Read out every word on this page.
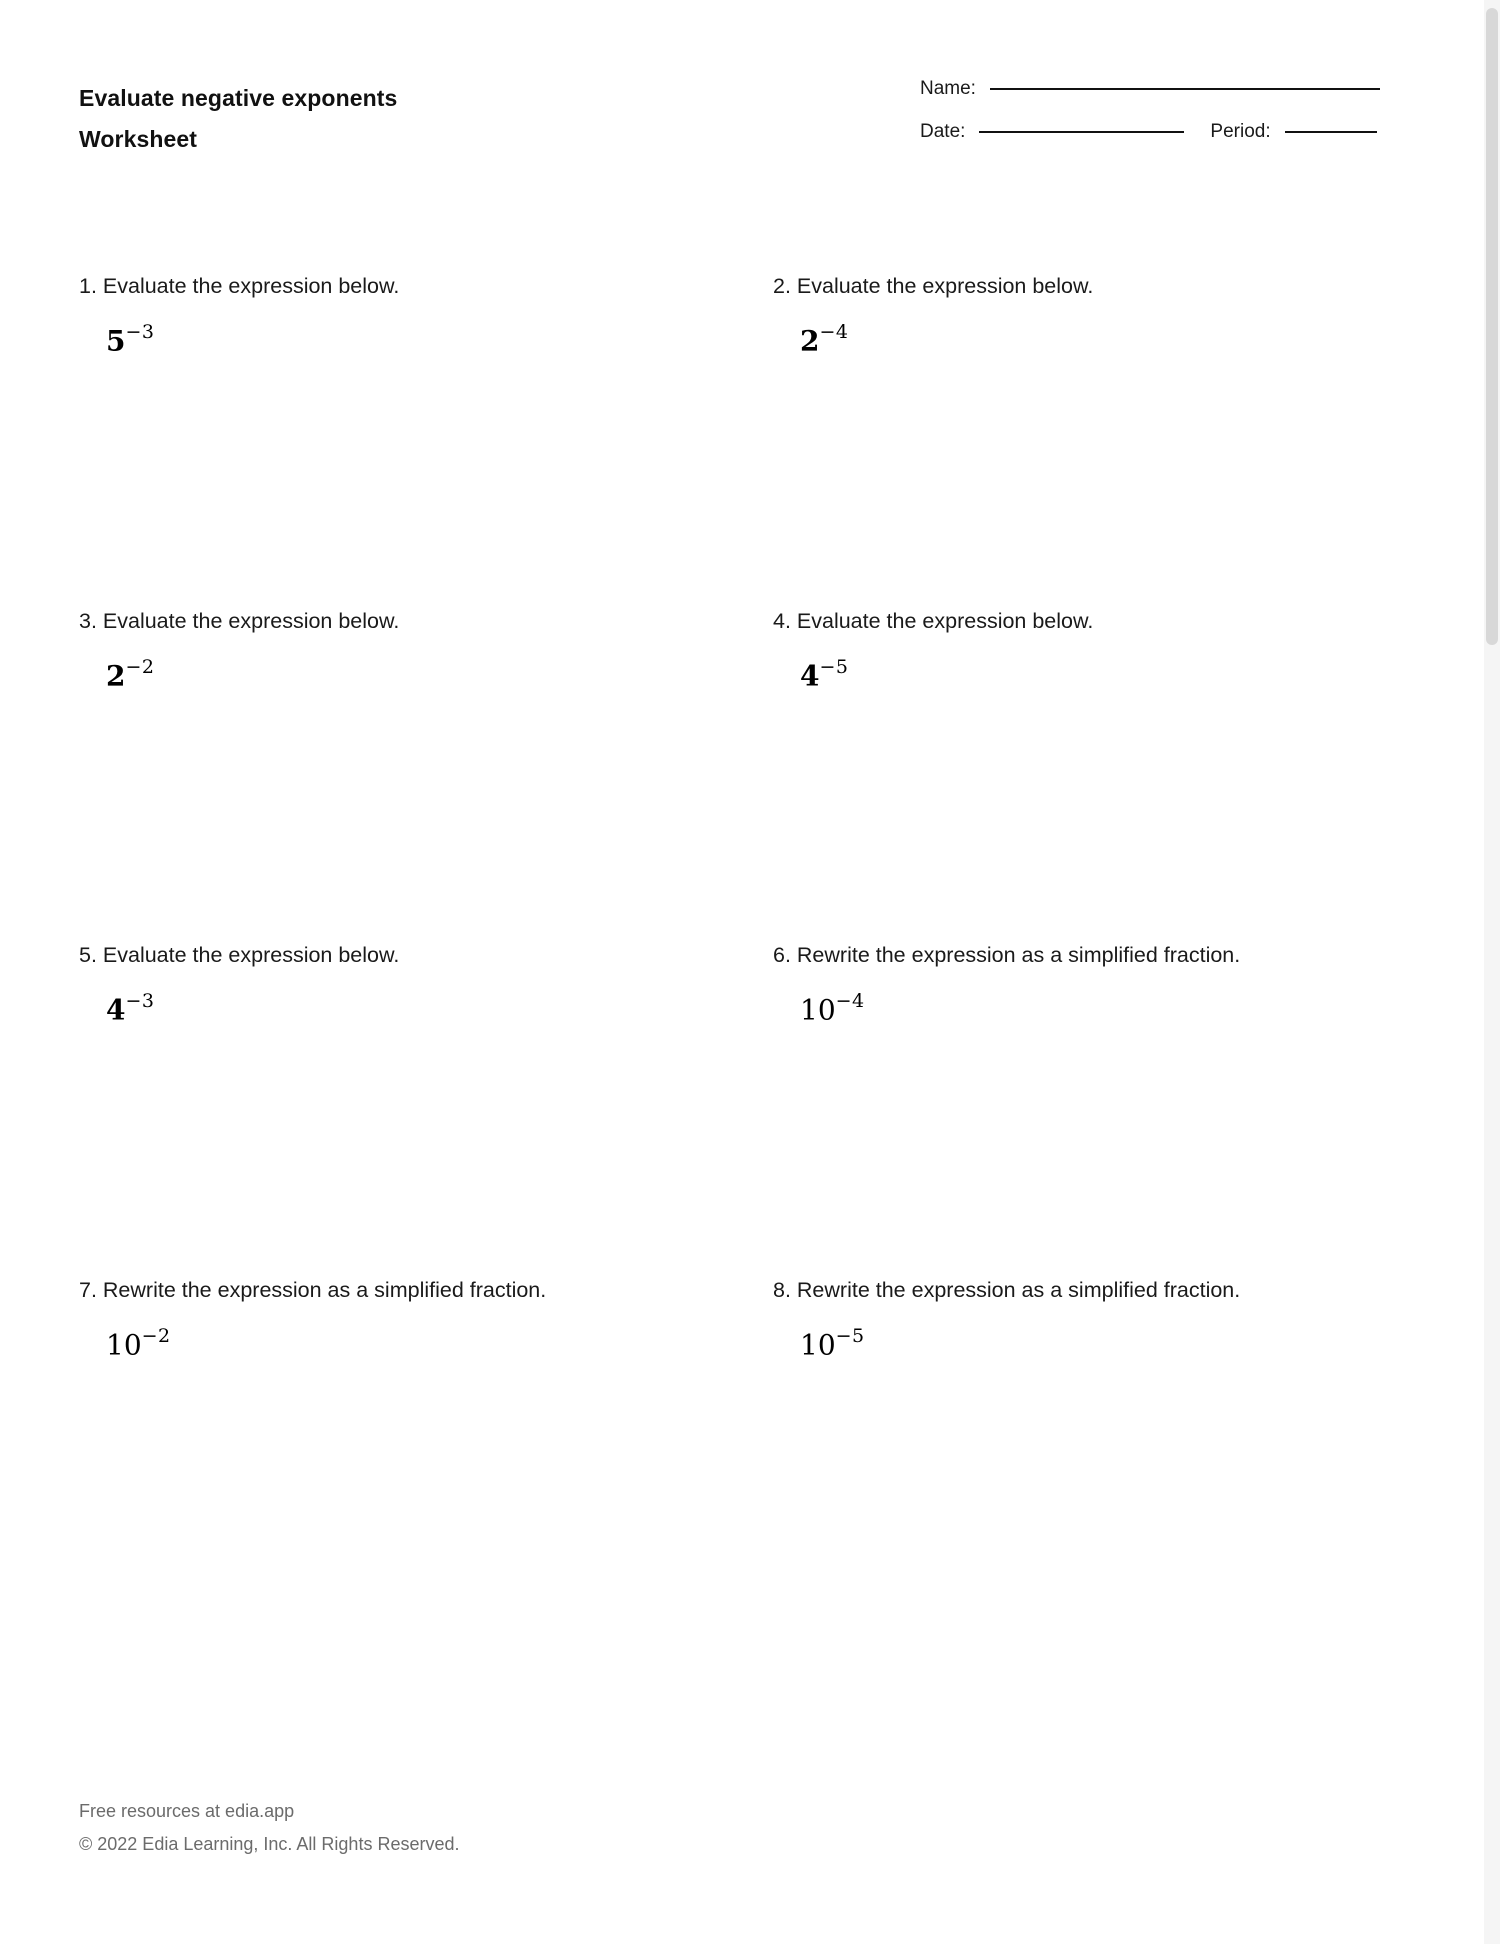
Evaluate negative exponents
Worksheet
Name:
Date:	Period:
1. Evaluate the expression below.
$5^{-3}$
2. Evaluate the expression below.
$2^{-4}$
3. Evaluate the expression below.
$2^{-2}$
4. Evaluate the expression below.
$4^{-5}$
5. Evaluate the expression below.
$4^{-3}$
6. Rewrite the expression as a simplified fraction.
$10^{-4}$
7. Rewrite the expression as a simplified fraction.
$10^{-2}$
8. Rewrite the expression as a simplified fraction.
$10^{-5}$
Free resources at edia.app
© 2022 Edia Learning, Inc. All Rights Reserved.
